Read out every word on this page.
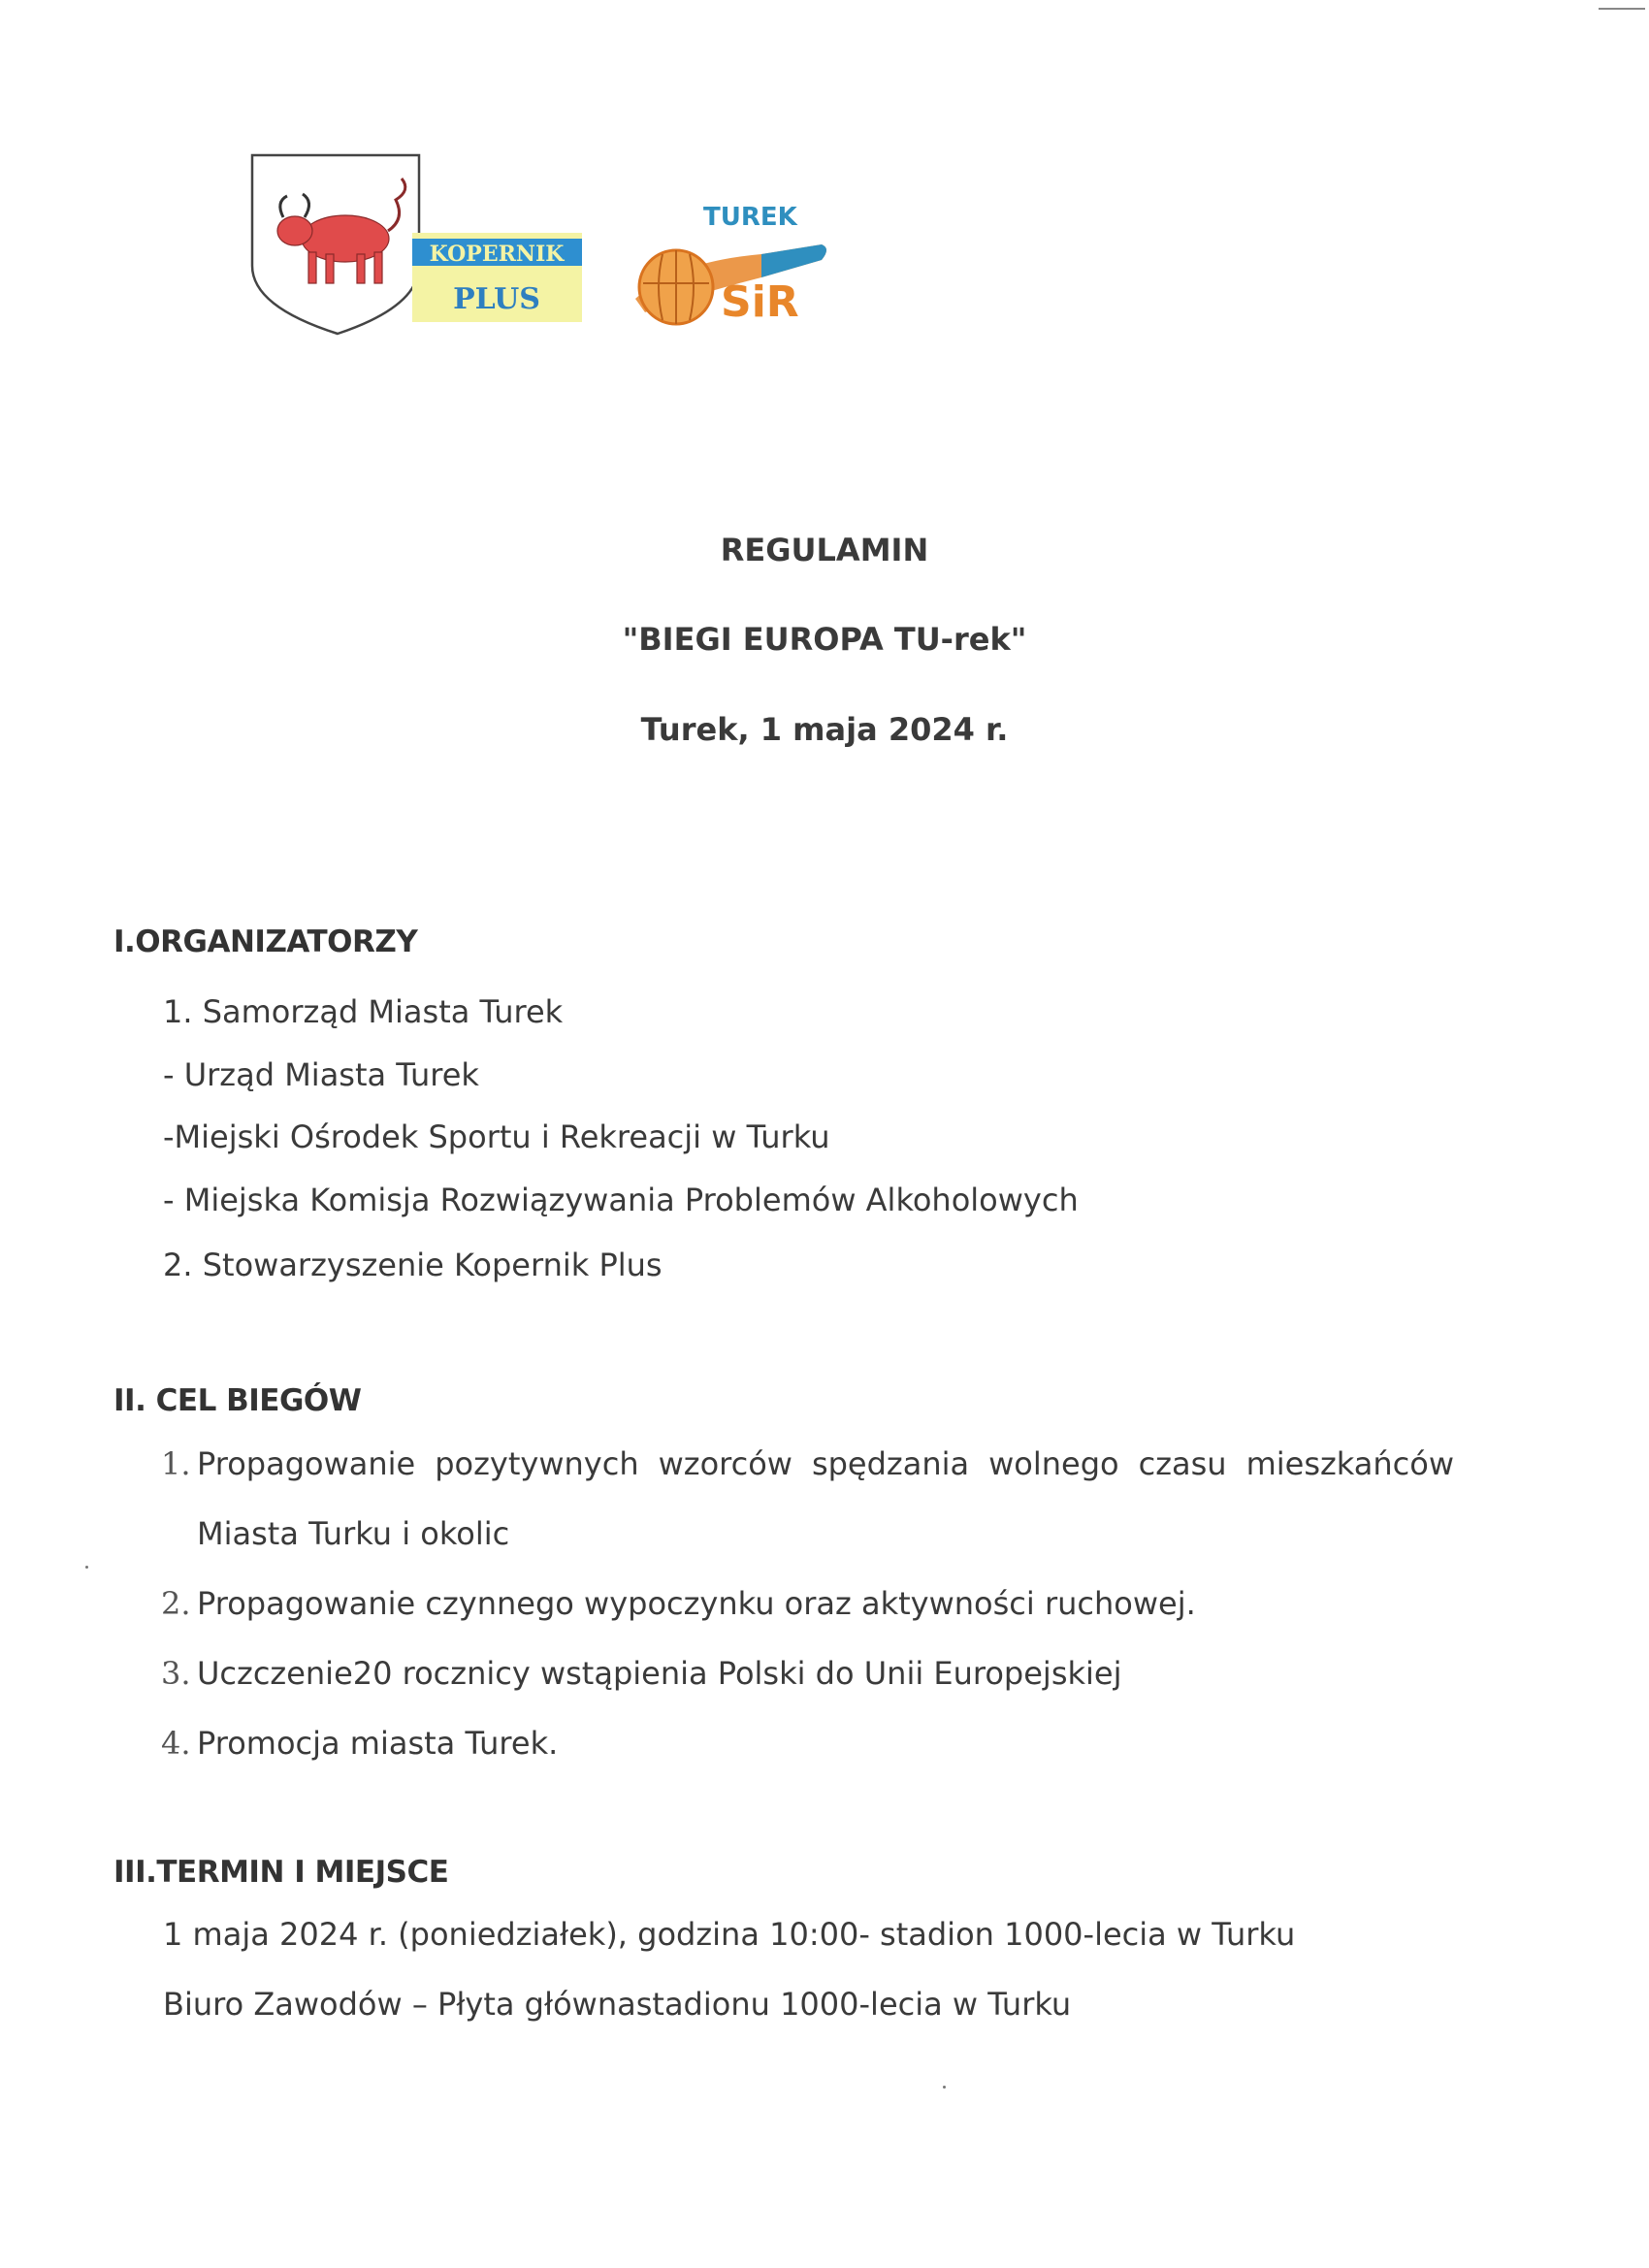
KOPERNIK
PLUS
TUREK
SiR
REGULAMIN
"BIEGI EUROPA TU-rek"
Turek, 1 maja 2024 r.
I.ORGANIZATORZY
1. Samorząd Miasta Turek
- Urząd Miasta Turek
-Miejski Ośrodek Sportu i Rekreacji w Turku
- Miejska Komisja Rozwiązywania Problemów Alkoholowych
2. Stowarzyszenie Kopernik Plus
II. CEL BIEGÓW
1. Propagowanie pozytywnych wzorców spędzania wolnego czasu mieszkańców
Miasta Turku i okolic
2. Propagowanie czynnego wypoczynku oraz aktywności ruchowej.
3. Uczczenie20 rocznicy wstąpienia Polski do Unii Europejskiej
4. Promocja miasta Turek.
III.TERMIN I MIEJSCE
1 maja 2024 r. (poniedziałek), godzina 10:00- stadion 1000-lecia w Turku
Biuro Zawodów – Płyta głównastadionu 1000-lecia w Turku
